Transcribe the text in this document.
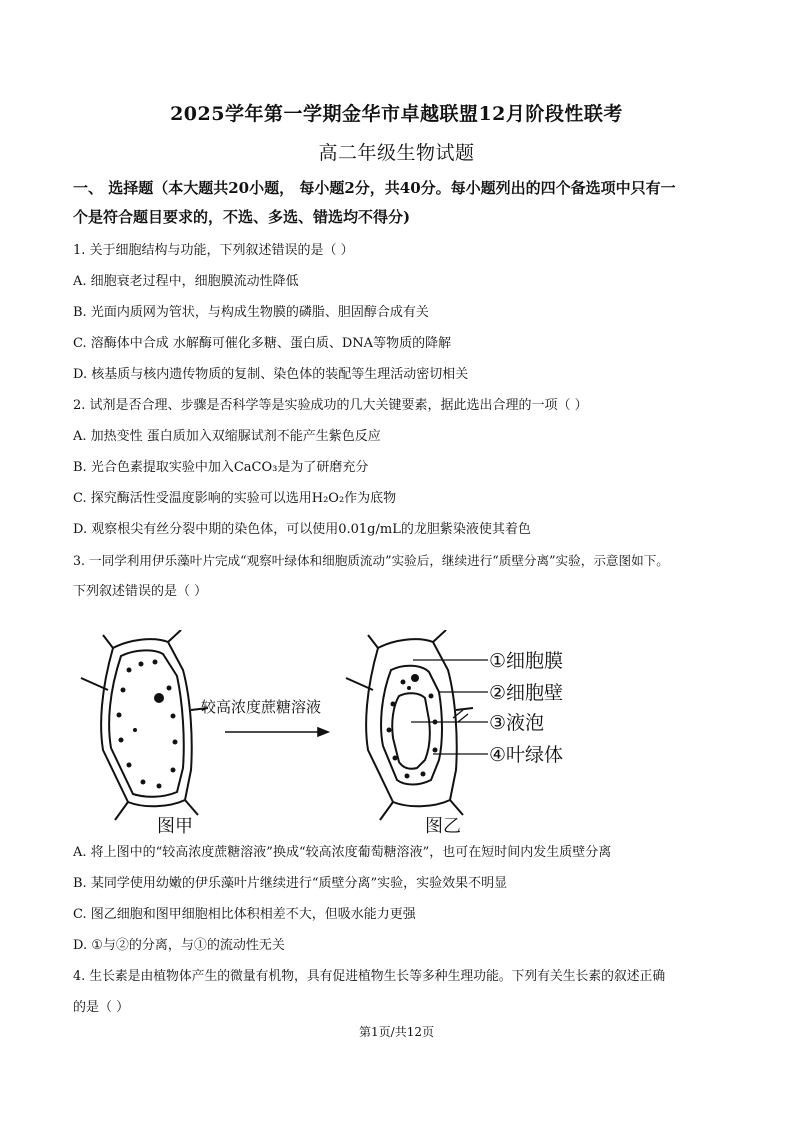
2025学年第一学期金华市卓越联盟12月阶段性联考
高二年级生物试题
一、 选择题（本大题共20小题， 每小题2分，共40分。每小题列出的四个备选项中只有一
个是符合题目要求的，不选、多选、错选均不得分)
1. 关于细胞结构与功能，下列叙述错误的是（ ）
A. 细胞衰老过程中，细胞膜流动性降低
B. 光面内质网为管状，与构成生物膜的磷脂、胆固醇合成有关
C. 溶酶体中合成 水解酶可催化多糖、蛋白质、DNA等物质的降解
D. 核基质与核内遗传物质的复制、染色体的装配等生理活动密切相关
2. 试剂是否合理、步骤是否科学等是实验成功的几大关键要素，据此选出合理的一项（ ）
A. 加热变性 蛋白质加入双缩脲试剂不能产生紫色反应
B. 光合色素提取实验中加入CaCO₃是为了研磨充分
C. 探究酶活性受温度影响的实验可以选用H₂O₂作为底物
D. 观察根尖有丝分裂中期的染色体，可以使用0.01g/mL的龙胆紫染液使其着色
3. 一同学利用伊乐藻叶片完成“观察叶绿体和细胞质流动”实验后，继续进行“质壁分离”实验，示意图如下。
下列叙述错误的是（ ）
较高浓度蔗糖溶液
①细胞膜
②细胞壁
③液泡
④叶绿体
图甲	图乙
A. 将上图中的“较高浓度蔗糖溶液”换成“较高浓度葡萄糖溶液”，也可在短时间内发生质壁分离
B. 某同学使用幼嫩的伊乐藻叶片继续进行“质壁分离”实验，实验效果不明显
C. 图乙细胞和图甲细胞相比体积相差不大，但吸水能力更强
D. ①与②的分离，与①的流动性无关
4. 生长素是由植物体产生的微量有机物，具有促进植物生长等多种生理功能。下列有关生长素的叙述正确
的是（ ）
第1页/共12页
